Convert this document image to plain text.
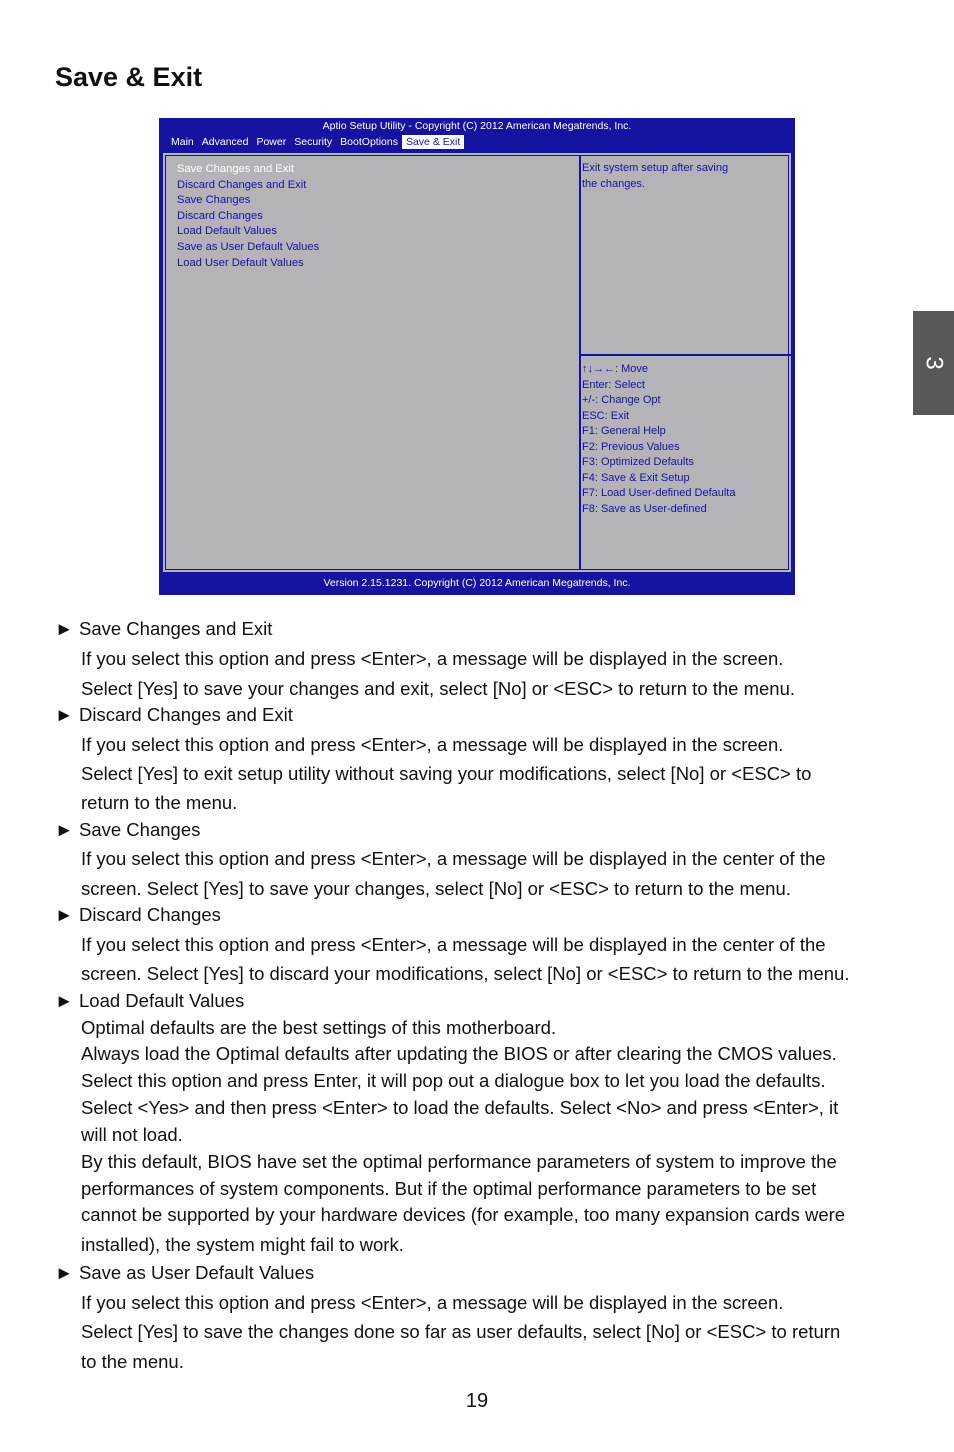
Save & Exit
3
Aptio Setup Utility - Copyright (C) 2012 American Megatrends, Inc.
Main Advanced Power Security BootOptions Save & Exit
Save Changes and Exit
Discard Changes and Exit
Save Changes
Discard Changes
Load Default Values
Save as User Default Values
Load User Default Values
Exit system setup after saving
the changes.
↑↓→←: Move
Enter: Select
+/-: Change Opt
ESC: Exit
F1: General Help
F2: Previous Values
F3: Optimized Defaults
F4: Save & Exit Setup
F7: Load User-defined Defaulta
F8: Save as User-defined
Version 2.15.1231. Copyright (C) 2012 American Megatrends, Inc.
► Save Changes and Exit
If you select this option and press <Enter>, a message will be displayed in the screen.
Select [Yes] to save your changes and exit, select [No] or <ESC> to return to the menu.
► Discard Changes and Exit
If you select this option and press <Enter>, a message will be displayed in the screen.
Select [Yes] to exit setup utility without saving your modifications, select [No] or <ESC> to
return to the menu.
► Save Changes
If you select this option and press <Enter>, a message will be displayed in the center of the
screen. Select [Yes] to save your changes, select [No] or <ESC> to return to the menu.
► Discard Changes
If you select this option and press <Enter>, a message will be displayed in the center of the
screen. Select [Yes] to discard your modifications, select [No] or <ESC> to return to the menu.
► Load Default Values
Optimal defaults are the best settings of this motherboard.
Always load the Optimal defaults after updating the BIOS or after clearing the CMOS values.
Select this option and press Enter, it will pop out a dialogue box to let you load the defaults.
Select <Yes> and then press <Enter> to load the defaults. Select <No> and press <Enter>, it
will not load.
By this default, BIOS have set the optimal performance parameters of system to improve the
performances of system components. But if the optimal performance parameters to be set
cannot be supported by your hardware devices (for example, too many expansion cards were
installed), the system might fail to work.
► Save as User Default Values
If you select this option and press <Enter>, a message will be displayed in the screen.
Select [Yes] to save the changes done so far as user defaults, select [No] or <ESC> to return
to the menu.
19
